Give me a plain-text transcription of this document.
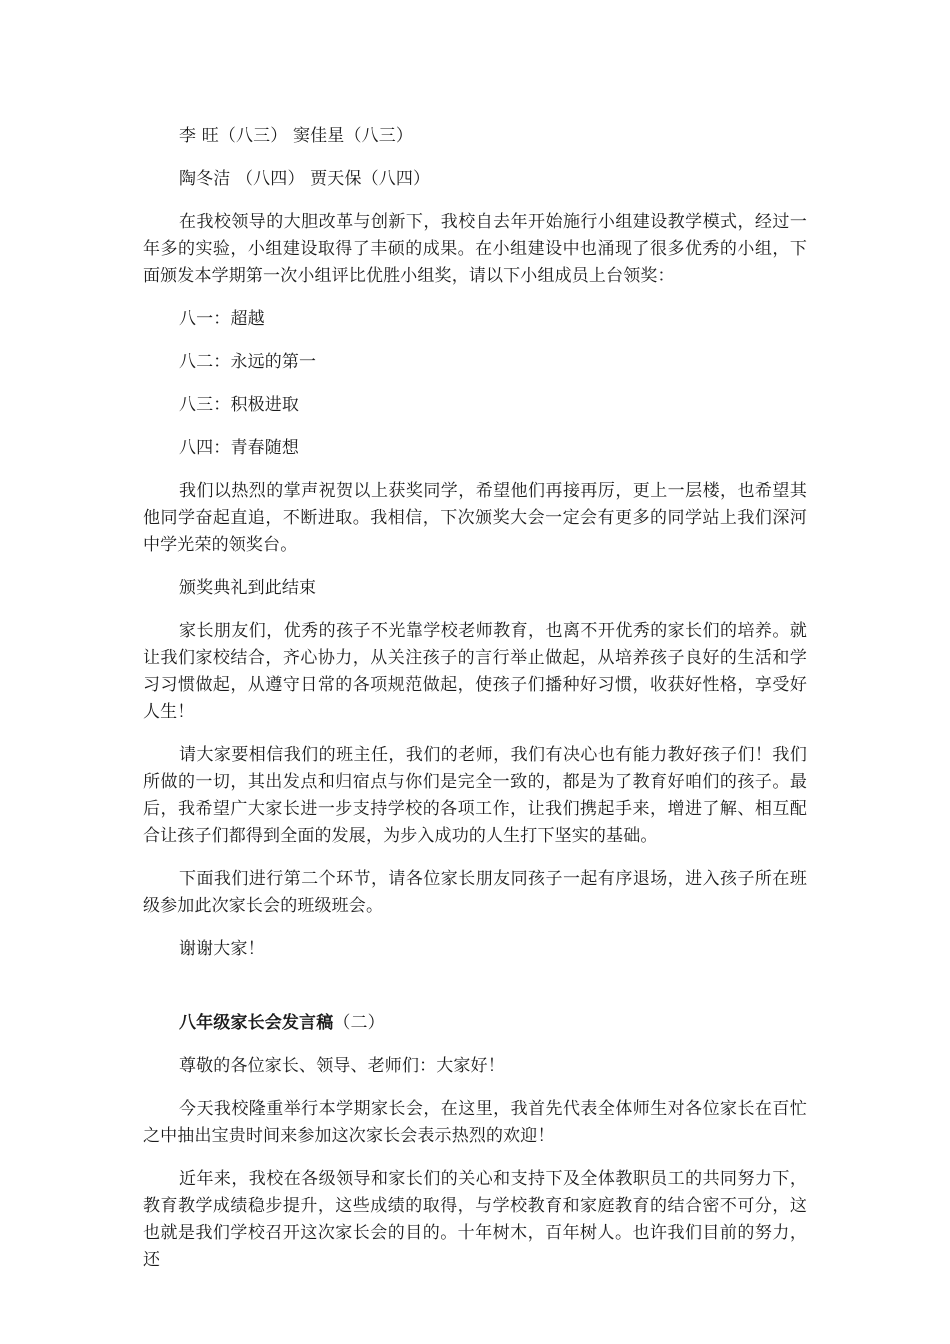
李 旺（八三） 窦佳星（八三）

陶冬洁 （八四） 贾天保（八四）

在我校领导的大胆改革与创新下，我校自去年开始施行小组建设教学模式，经过一年多的实验，小组建设取得了丰硕的成果。在小组建设中也涌现了很多优秀的小组，下面颁发本学期第一次小组评比优胜小组奖，请以下小组成员上台领奖：

八一：超越

八二：永远的第一

八三：积极进取

八四：青春随想

我们以热烈的掌声祝贺以上获奖同学，希望他们再接再厉，更上一层楼，也希望其他同学奋起直追，不断进取。我相信，下次颁奖大会一定会有更多的同学站上我们深河中学光荣的领奖台。

颁奖典礼到此结束

家长朋友们，优秀的孩子不光靠学校老师教育，也离不开优秀的家长们的培养。就让我们家校结合，齐心协力，从关注孩子的言行举止做起，从培养孩子良好的生活和学习习惯做起，从遵守日常的各项规范做起，使孩子们播种好习惯，收获好性格，享受好人生！

请大家要相信我们的班主任，我们的老师，我们有决心也有能力教好孩子们！我们所做的一切，其出发点和归宿点与你们是完全一致的，都是为了教育好咱们的孩子。最后，我希望广大家长进一步支持学校的各项工作，让我们携起手来，增进了解、相互配合让孩子们都得到全面的发展，为步入成功的人生打下坚实的基础。

下面我们进行第二个环节，请各位家长朋友同孩子一起有序退场，进入孩子所在班级参加此次家长会的班级班会。

谢谢大家！

八年级家长会发言稿（二）

尊敬的各位家长、领导、老师们：大家好！

今天我校隆重举行本学期家长会，在这里，我首先代表全体师生对各位家长在百忙之中抽出宝贵时间来参加这次家长会表示热烈的欢迎！

近年来，我校在各级领导和家长们的关心和支持下及全体教职员工的共同努力下，教育教学成绩稳步提升，这些成绩的取得，与学校教育和家庭教育的结合密不可分，这也就是我们学校召开这次家长会的目的。十年树木，百年树人。也许我们目前的努力，还
